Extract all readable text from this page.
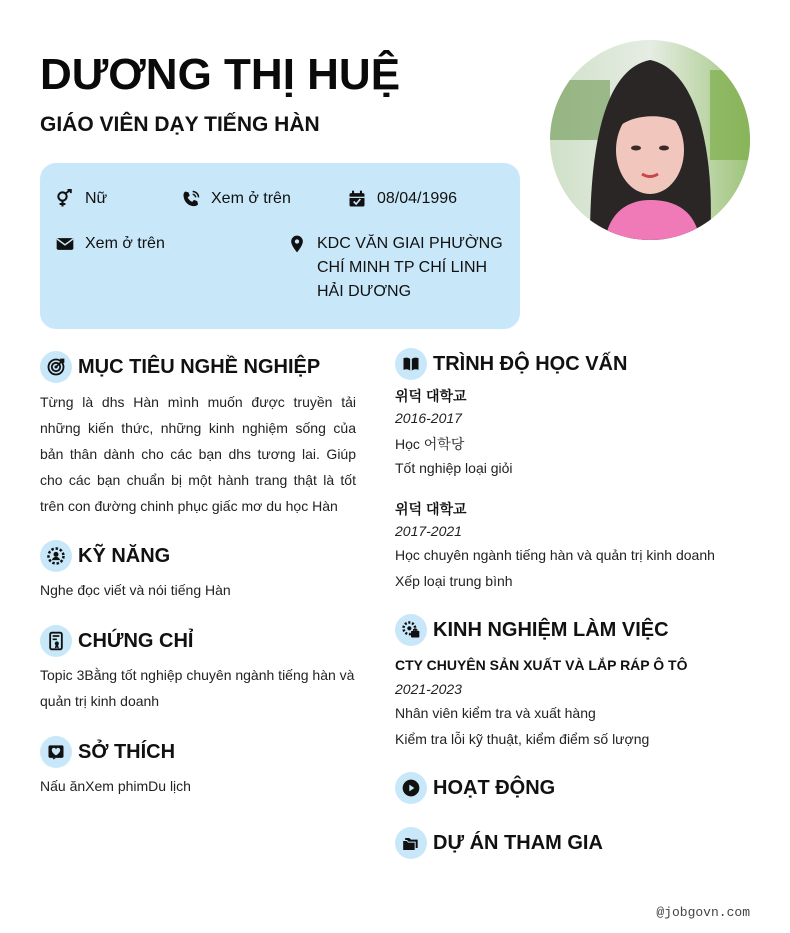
DƯƠNG THỊ HUỆ
GIÁO VIÊN DẠY TIẾNG HÀN
Nữ	Xem ở trên	08/04/1996
Xem ở trên	KDC VĂN GIAI PHƯỜNG
CHÍ MINH TP CHÍ LINH
HẢI DƯƠNG
MỤC TIÊU NGHỀ NGHIỆP
Từng là dhs Hàn mình muốn được truyền tải những kiến thức, những kinh nghiệm sống của bản thân dành cho các bạn dhs tương lai. Giúp cho các bạn chuẩn bị một hành trang thật là tốt trên con đường chinh phục giấc mơ du học Hàn
KỸ NĂNG
Nghe đọc viết và nói tiếng Hàn
CHỨNG CHỈ
Topic 3Bằng tốt nghiệp chuyên ngành tiếng hàn và
quản trị kinh doanh
SỞ THÍCH
Nấu ănXem phimDu lịch
TRÌNH ĐỘ HỌC VẤN
위덕 대학교
2016-2017
Học 어학당
Tốt nghiệp loại giỏi
위덕 대학교
2017-2021
Học chuyên ngành tiếng hàn và quản trị kinh doanh
Xếp loại trung bình
KINH NGHIỆM LÀM VIỆC
CTY CHUYÊN SẢN XUẤT VÀ LẮP RÁP Ô TÔ
2021-2023
Nhân viên kiểm tra và xuất hàng
Kiểm tra lỗi kỹ thuật, kiểm điểm số lượng
HOẠT ĐỘNG
DỰ ÁN THAM GIA
@jobgovn.com
